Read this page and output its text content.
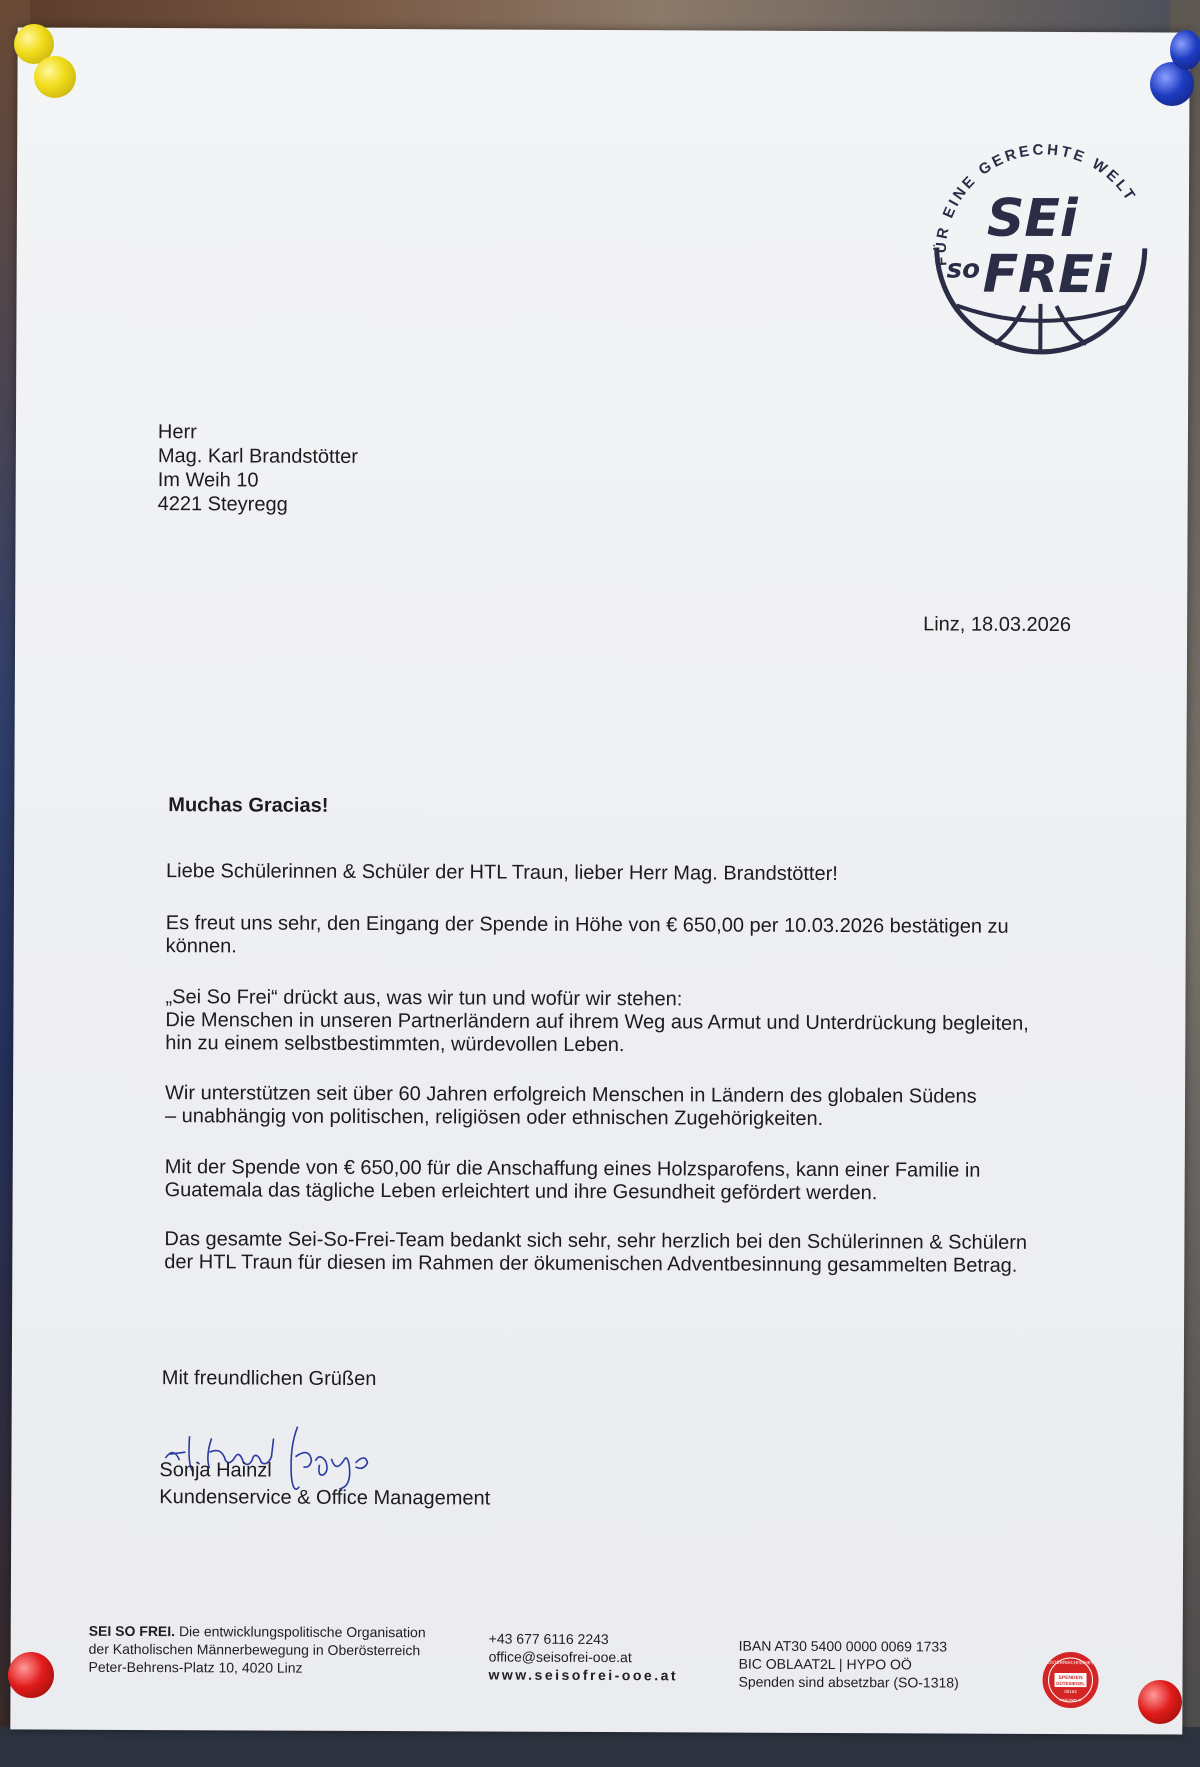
FÜR EINE GERECHTE WELT
SEi
so FREi
Herr
Mag. Karl Brandstötter
Im Weih 10
4221 Steyregg
Linz, 18.03.2026
Muchas Gracias!
Liebe Schülerinnen & Schüler der HTL Traun, lieber Herr Mag. Brandstötter!
Es freut uns sehr, den Eingang der Spende in Höhe von € 650,00 per 10.03.2026 bestätigen zu
können.
„Sei So Frei“ drückt aus, was wir tun und wofür wir stehen:
Die Menschen in unseren Partnerländern auf ihrem Weg aus Armut und Unterdrückung begleiten,
hin zu einem selbstbestimmten, würdevollen Leben.
Wir unterstützen seit über 60 Jahren erfolgreich Menschen in Ländern des globalen Südens
– unabhängig von politischen, religiösen oder ethnischen Zugehörigkeiten.
Mit der Spende von € 650,00 für die Anschaffung eines Holzsparofens, kann einer Familie in
Guatemala das tägliche Leben erleichtert und ihre Gesundheit gefördert werden.
Das gesamte Sei-So-Frei-Team bedankt sich sehr, sehr herzlich bei den Schülerinnen & Schülern
der HTL Traun für diesen im Rahmen der ökumenischen Adventbesinnung gesammelten Betrag.
Mit freundlichen Grüßen
Sonja Hainzl
Kundenservice & Office Management
SEI SO FREI. Die entwicklungspolitische Organisation
der Katholischen Männerbewegung in Oberösterreich
Peter-Behrens-Platz 10, 4020 Linz
+43 677 6116 2243
office@seisofrei-ooe.at
www.seisofrei-ooe.at
IBAN AT30 5400 0000 0069 1733
BIC OBLAAT2L | HYPO OÖ
Spenden sind absetzbar (SO-1318)
ÖSTERREICHISCHES
SPENDEN
GÜTESIEGEL
05184
www.osgs.at
